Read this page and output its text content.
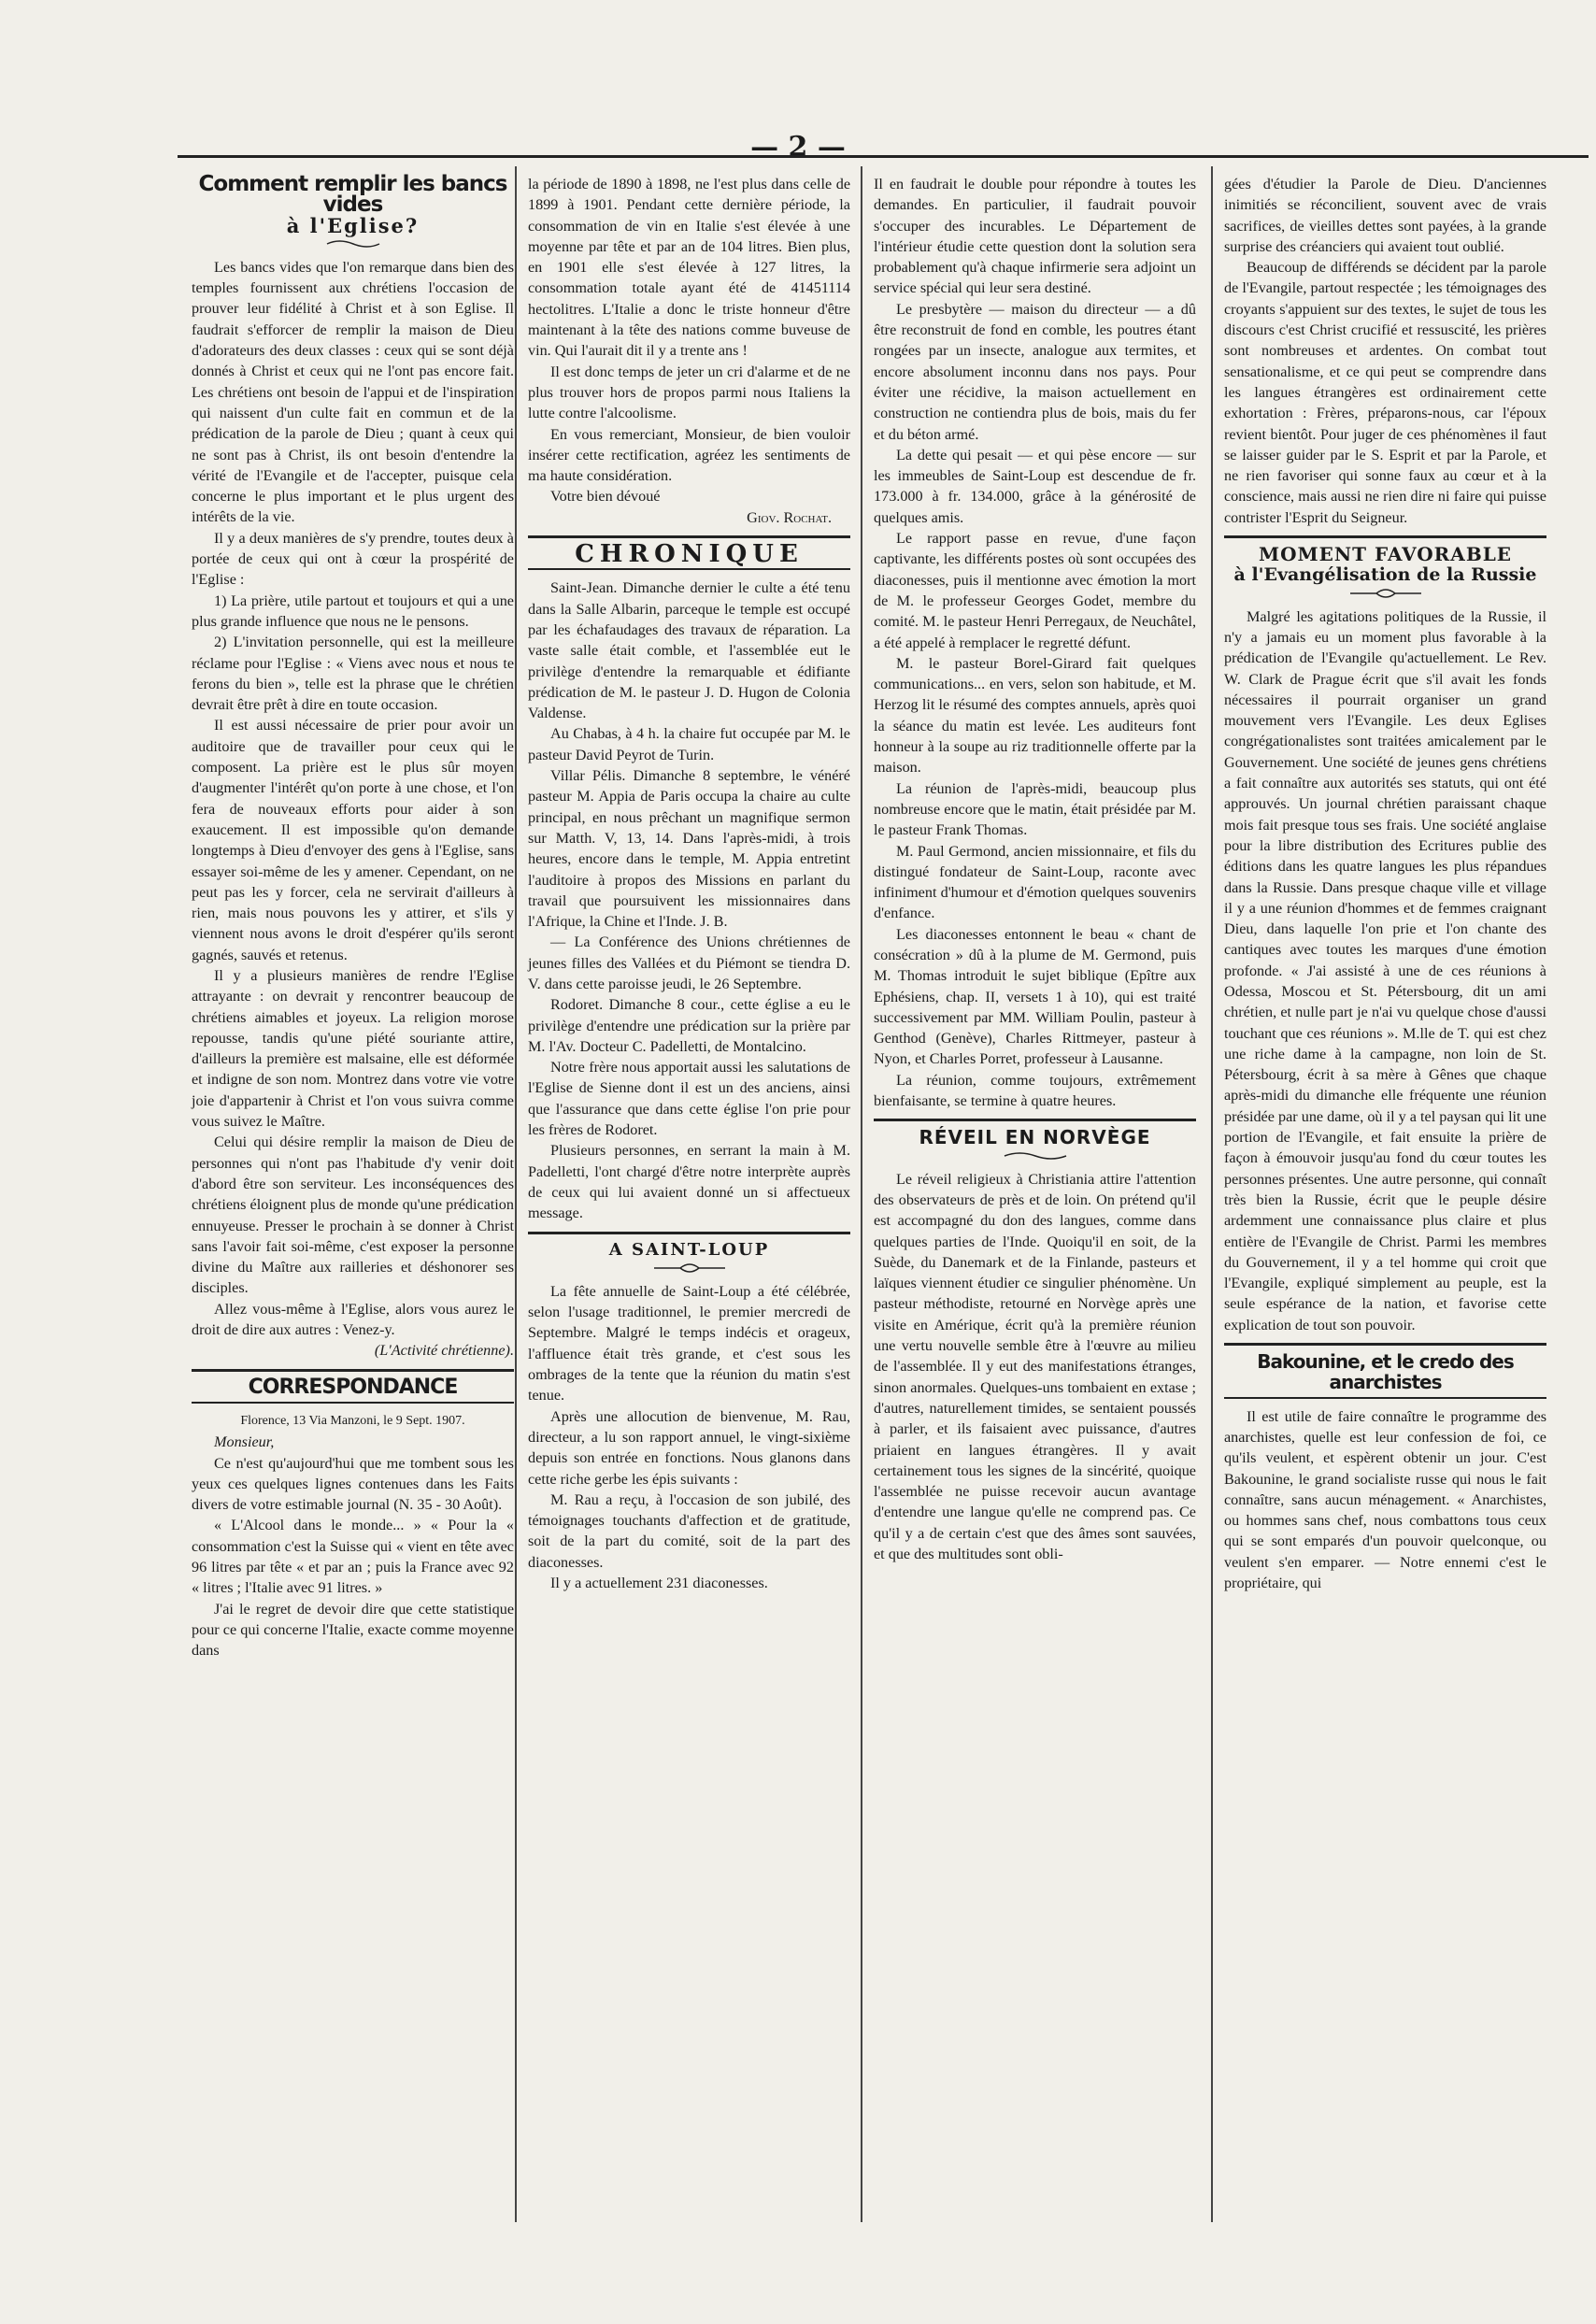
— 2 —
Comment remplir les bancs vides
à l'Eglise?

Les bancs vides que l'on remarque dans bien des temples fournissent aux chrétiens l'occasion de prouver leur fidélité à Christ et à son Eglise. Il faudrait s'efforcer de remplir la maison de Dieu d'adorateurs des deux classes : ceux qui se sont déjà donnés à Christ et ceux qui ne l'ont pas encore fait. Les chrétiens ont besoin de l'appui et de l'inspiration qui naissent d'un culte fait en commun et de la prédication de la parole de Dieu ; quant à ceux qui ne sont pas à Christ, ils ont besoin d'entendre la vérité de l'Evangile et de l'accepter, puisque cela concerne le plus important et le plus urgent des intérêts de la vie.

Il y a deux manières de s'y prendre, toutes deux à portée de ceux qui ont à cœur la prospérité de l'Eglise :

1) La prière, utile partout et toujours et qui a une plus grande influence que nous ne le pensons.

2) L'invitation personnelle, qui est la meilleure réclame pour l'Eglise : « Viens avec nous et nous te ferons du bien », telle est la phrase que le chrétien devrait être prêt à dire en toute occasion.

Il est aussi nécessaire de prier pour avoir un auditoire que de travailler pour ceux qui le composent. La prière est le plus sûr moyen d'augmenter l'intérêt qu'on porte à une chose, et l'on fera de nouveaux efforts pour aider à son exaucement. Il est impossible qu'on demande longtemps à Dieu d'envoyer des gens à l'Eglise, sans essayer soi-même de les y amener. Cependant, on ne peut pas les y forcer, cela ne servirait d'ailleurs à rien, mais nous pouvons les y attirer, et s'ils y viennent nous avons le droit d'espérer qu'ils seront gagnés, sauvés et retenus.

Il y a plusieurs manières de rendre l'Eglise attrayante : on devrait y rencontrer beaucoup de chrétiens aimables et joyeux. La religion morose repousse, tandis qu'une piété souriante attire, d'ailleurs la première est malsaine, elle est déformée et indigne de son nom. Montrez dans votre vie votre joie d'appartenir à Christ et l'on vous suivra comme vous suivez le Maître.

Celui qui désire remplir la maison de Dieu de personnes qui n'ont pas l'habitude d'y venir doit d'abord être son serviteur. Les inconséquences des chrétiens éloignent plus de monde qu'une prédication ennuyeuse. Presser le prochain à se donner à Christ sans l'avoir fait soi-même, c'est exposer la personne divine du Maître aux railleries et déshonorer ses disciples.

Allez vous-même à l'Eglise, alors vous aurez le droit de dire aux autres : Venez-y.

(L'Activité chrétienne).

CORRESPONDANCE

Florence, 13 Via Manzoni, le 9 Sept. 1907.

Monsieur,

Ce n'est qu'aujourd'hui que me tombent sous les yeux ces quelques lignes contenues dans les Faits divers de votre estimable journal (N. 35 - 30 Août).

« L'Alcool dans le monde... » « Pour la « consommation c'est la Suisse qui « vient en tête avec 96 litres par tête « et par an ; puis la France avec 92 « litres ; l'Italie avec 91 litres. »

J'ai le regret de devoir dire que cette statistique pour ce qui concerne l'Italie, exacte comme moyenne dans

la période de 1890 à 1898, ne l'est plus dans celle de 1899 à 1901. Pendant cette dernière période, la consommation de vin en Italie s'est élevée à une moyenne par tête et par an de 104 litres. Bien plus, en 1901 elle s'est élevée à 127 litres, la consommation totale ayant été de 41451114 hectolitres. L'Italie a donc le triste honneur d'être maintenant à la tête des nations comme buveuse de vin. Qui l'aurait dit il y a trente ans !

Il est donc temps de jeter un cri d'alarme et de ne plus trouver hors de propos parmi nous Italiens la lutte contre l'alcoolisme.

En vous remerciant, Monsieur, de bien vouloir insérer cette rectification, agréez les sentiments de ma haute considération.

Votre bien dévoué

Giov. Rochat.

CHRONIQUE

Saint-Jean. Dimanche dernier le culte a été tenu dans la Salle Albarin, parceque le temple est occupé par les échafaudages des travaux de réparation. La vaste salle était comble, et l'assemblée eut le privilège d'entendre la remarquable et édifiante prédication de M. le pasteur J. D. Hugon de Colonia Valdense.

Au Chabas, à 4 h. la chaire fut occupée par M. le pasteur David Peyrot de Turin.

Villar Pélis. Dimanche 8 septembre, le vénéré pasteur M. Appia de Paris occupa la chaire au culte principal, en nous prêchant un magnifique sermon sur Matth. V, 13, 14. Dans l'après-midi, à trois heures, encore dans le temple, M. Appia entretint l'auditoire à propos des Missions en parlant du travail que poursuivent les missionnaires dans l'Afrique, la Chine et l'Inde. J. B.

— La Conférence des Unions chrétiennes de jeunes filles des Vallées et du Piémont se tiendra D. V. dans cette paroisse jeudi, le 26 Septembre.

Rodoret. Dimanche 8 cour., cette église a eu le privilège d'entendre une prédication sur la prière par M. l'Av. Docteur C. Padelletti, de Montalcino.

Notre frère nous apportait aussi les salutations de l'Eglise de Sienne dont il est un des anciens, ainsi que l'assurance que dans cette église l'on prie pour les frères de Rodoret.

Plusieurs personnes, en serrant la main à M. Padelletti, l'ont chargé d'être notre interprète auprès de ceux qui lui avaient donné un si affectueux message.

A SAINT-LOUP

La fête annuelle de Saint-Loup a été célébrée, selon l'usage traditionnel, le premier mercredi de Septembre. Malgré le temps indécis et orageux, l'affluence était très grande, et c'est sous les ombrages de la tente que la réunion du matin s'est tenue.

Après une allocution de bienvenue, M. Rau, directeur, a lu son rapport annuel, le vingt-sixième depuis son entrée en fonctions. Nous glanons dans cette riche gerbe les épis suivants :

M. Rau a reçu, à l'occasion de son jubilé, des témoignages touchants d'affection et de gratitude, soit de la part du comité, soit de la part des diaconesses.

Il y a actuellement 231 diaconesses.

Il en faudrait le double pour répondre à toutes les demandes. En particulier, il faudrait pouvoir s'occuper des incurables. Le Département de l'intérieur étudie cette question dont la solution sera probablement qu'à chaque infirmerie sera adjoint un service spécial qui leur sera destiné.

Le presbytère — maison du directeur — a dû être reconstruit de fond en comble, les poutres étant rongées par un insecte, analogue aux termites, et encore absolument inconnu dans nos pays. Pour éviter une récidive, la maison actuellement en construction ne contiendra plus de bois, mais du fer et du béton armé.

La dette qui pesait — et qui pèse encore — sur les immeubles de Saint-Loup est descendue de fr. 173.000 à fr. 134.000, grâce à la générosité de quelques amis.

Le rapport passe en revue, d'une façon captivante, les différents postes où sont occupées des diaconesses, puis il mentionne avec émotion la mort de M. le professeur Georges Godet, membre du comité. M. le pasteur Henri Perregaux, de Neuchâtel, a été appelé à remplacer le regretté défunt.

M. le pasteur Borel-Girard fait quelques communications... en vers, selon son habitude, et M. Herzog lit le résumé des comptes annuels, après quoi la séance du matin est levée. Les auditeurs font honneur à la soupe au riz traditionnelle offerte par la maison.

La réunion de l'après-midi, beaucoup plus nombreuse encore que le matin, était présidée par M. le pasteur Frank Thomas.

M. Paul Germond, ancien missionnaire, et fils du distingué fondateur de Saint-Loup, raconte avec infiniment d'humour et d'émotion quelques souvenirs d'enfance.

Les diaconesses entonnent le beau « chant de consécration » dû à la plume de M. Germond, puis M. Thomas introduit le sujet biblique (Epître aux Ephésiens, chap. II, versets 1 à 10), qui est traité successivement par MM. William Poulin, pasteur à Genthod (Genève), Charles Rittmeyer, pasteur à Nyon, et Charles Porret, professeur à Lausanne.

La réunion, comme toujours, extrêmement bienfaisante, se termine à quatre heures.

RÉVEIL EN NORVÈGE

Le réveil religieux à Christiania attire l'attention des observateurs de près et de loin. On prétend qu'il est accompagné du don des langues, comme dans quelques parties de l'Inde. Quoiqu'il en soit, de la Suède, du Danemark et de la Finlande, pasteurs et laïques viennent étudier ce singulier phénomène. Un pasteur méthodiste, retourné en Norvège après une visite en Amérique, écrit qu'à la première réunion une vertu nouvelle semble être à l'œuvre au milieu de l'assemblée. Il y eut des manifestations étranges, sinon anormales. Quelques-uns tombaient en extase ; d'autres, naturellement timides, se sentaient poussés à parler, et ils faisaient avec puissance, d'autres priaient en langues étrangères. Il y avait certainement tous les signes de la sincérité, quoique l'assemblée ne puisse recevoir aucun avantage d'entendre une langue qu'elle ne comprend pas. Ce qu'il y a de certain c'est que des âmes sont sauvées, et que des multitudes sont obli-

gées d'étudier la Parole de Dieu. D'anciennes inimitiés se réconcilient, souvent avec de vrais sacrifices, de vieilles dettes sont payées, à la grande surprise des créanciers qui avaient tout oublié.

Beaucoup de différends se décident par la parole de l'Evangile, partout respectée ; les témoignages des croyants s'appuient sur des textes, le sujet de tous les discours c'est Christ crucifié et ressuscité, les prières sont nombreuses et ardentes. On combat tout sensationalisme, et ce qui peut se comprendre dans les langues étrangères est ordinairement cette exhortation : Frères, préparons-nous, car l'époux revient bientôt. Pour juger de ces phénomènes il faut se laisser guider par le S. Esprit et par la Parole, et ne rien favoriser qui sonne faux au cœur et à la conscience, mais aussi ne rien dire ni faire qui puisse contrister l'Esprit du Seigneur.

MOMENT FAVORABLE
à l'Evangélisation de la Russie

Malgré les agitations politiques de la Russie, il n'y a jamais eu un moment plus favorable à la prédication de l'Evangile qu'actuellement. Le Rev. W. Clark de Prague écrit que s'il avait les fonds nécessaires il pourrait organiser un grand mouvement vers l'Evangile. Les deux Eglises congrégationalistes sont traitées amicalement par le Gouvernement. Une société de jeunes gens chrétiens a fait connaître aux autorités ses statuts, qui ont été approuvés. Un journal chrétien paraissant chaque mois fait presque tous ses frais. Une société anglaise pour la libre distribution des Ecritures publie des éditions dans les quatre langues les plus répandues dans la Russie. Dans presque chaque ville et village il y a une réunion d'hommes et de femmes craignant Dieu, dans laquelle l'on prie et l'on chante des cantiques avec toutes les marques d'une émotion profonde. « J'ai assisté à une de ces réunions à Odessa, Moscou et St. Pétersbourg, dit un ami chrétien, et nulle part je n'ai vu quelque chose d'aussi touchant que ces réunions ». M.lle de T. qui est chez une riche dame à la campagne, non loin de St. Pétersbourg, écrit à sa mère à Gênes que chaque après-midi du dimanche elle fréquente une réunion présidée par une dame, où il y a tel paysan qui lit une portion de l'Evangile, et fait ensuite la prière de façon à émouvoir jusqu'au fond du cœur toutes les personnes présentes. Une autre personne, qui connaît très bien la Russie, écrit que le peuple désire ardemment une connaissance plus claire et plus entière de l'Evangile de Christ. Parmi les membres du Gouvernement, il y a tel homme qui croit que l'Evangile, expliqué simplement au peuple, est la seule espérance de la nation, et favorise cette explication de tout son pouvoir.

Bakounine, et le credo des anarchistes

Il est utile de faire connaître le programme des anarchistes, quelle est leur confession de foi, ce qu'ils veulent, et espèrent obtenir un jour. C'est Bakounine, le grand socialiste russe qui nous le fait connaître, sans aucun ménagement. « Anarchistes, ou hommes sans chef, nous combattons tous ceux qui se sont emparés d'un pouvoir quelconque, ou veulent s'en emparer. — Notre ennemi c'est le propriétaire, qui
